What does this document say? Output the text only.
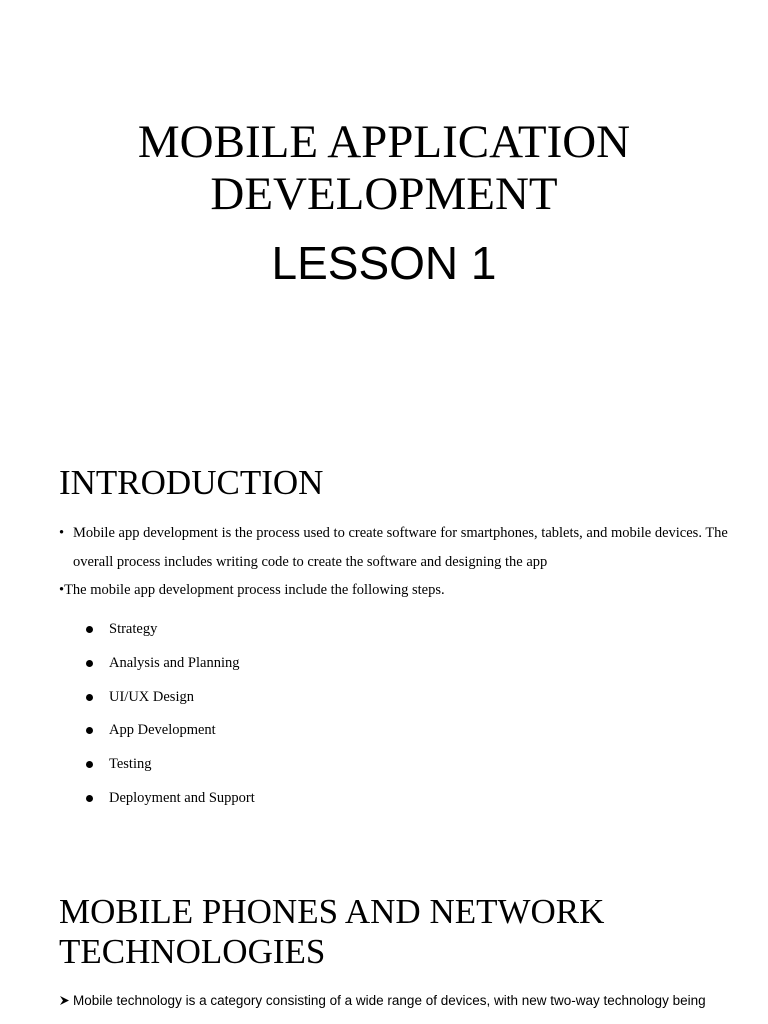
MOBILE APPLICATION
DEVELOPMENT
LESSON 1
INTRODUCTION
• Mobile app development is the process used to create software for smartphones, tablets, and mobile devices. The overall process includes writing code to create the software and designing the app
•The mobile app development process include the following steps.
Strategy
Analysis and Planning
UI/UX Design
App Development
Testing
Deployment and Support
MOBILE PHONES AND NETWORK
TECHNOLOGIES
Mobile technology is a category consisting of a wide range of devices, with new two-way technology being
